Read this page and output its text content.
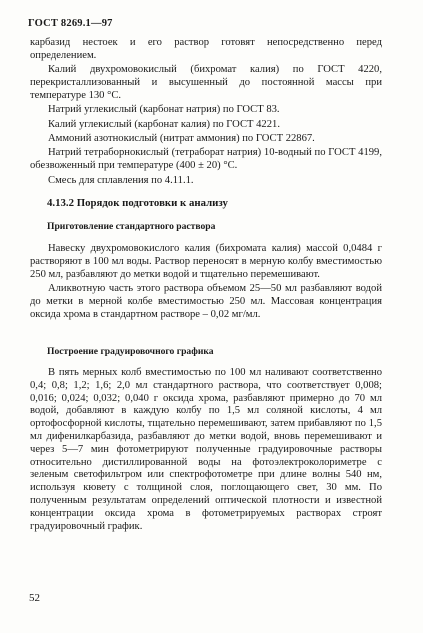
ГОСТ 8269.1—97

карбазид нестоек и его раствор готовят непосредственно перед определением.

Калий двухромовокислый (бихромат калия) по ГОСТ 4220, перекристаллизованный и высушенный до постоянной массы при температуре 130 °С.

Натрий углекислый (карбонат натрия) по ГОСТ 83.

Калий углекислый (карбонат калия) по ГОСТ 4221.

Аммоний азотнокислый (нитрат аммония) по ГОСТ 22867.

Натрий тетраборнокислый (тетраборат натрия) 10-водный по ГОСТ 4199, обезвоженный при температуре (400 ± 20) °С.

Смесь для сплавления по 4.11.1.

4.13.2 Порядок подготовки к анализу
Приготовление стандартного раствора

Навеску двухромовокислого калия (бихромата калия) массой 0,0484 г растворяют в 100 мл воды. Раствор переносят в мерную колбу вместимостью 250 мл, разбавляют до метки водой и тщательно перемешивают.

Аликвотную часть этого раствора объемом 25—50 мл разбавляют водой до метки в мерной колбе вместимостью 250 мл. Массовая концентрация оксида хрома в стандартном растворе – 0,02 мг/мл.

Построение градуировочного графика

В пять мерных колб вместимостью по 100 мл наливают соответственно 0,4; 0,8; 1,2; 1,6; 2,0 мл стандартного раствора, что соответствует 0,008; 0,016; 0,024; 0,032; 0,040 г оксида хрома, разбавляют примерно до 70 мл водой, добавляют в каждую колбу по 1,5 мл соляной кислоты, 4 мл ортофосфорной кислоты, тщательно перемешивают, затем прибавляют по 1,5 мл дифенилкарбазида, разбавляют до метки водой, вновь перемешивают и через 5—7 мин фотометрируют полученные градуировочные растворы относительно дистиллированной воды на фотоэлектроколориметре с зеленым светофильтром или спектрофотометре при длине волны 540 нм, используя кювету с толщиной слоя, поглощающего свет, 30 мм. По полученным результатам определений оптической плотности и известной концентрации оксида хрома в фотометрируемых растворах строят градуировочный график.

52
